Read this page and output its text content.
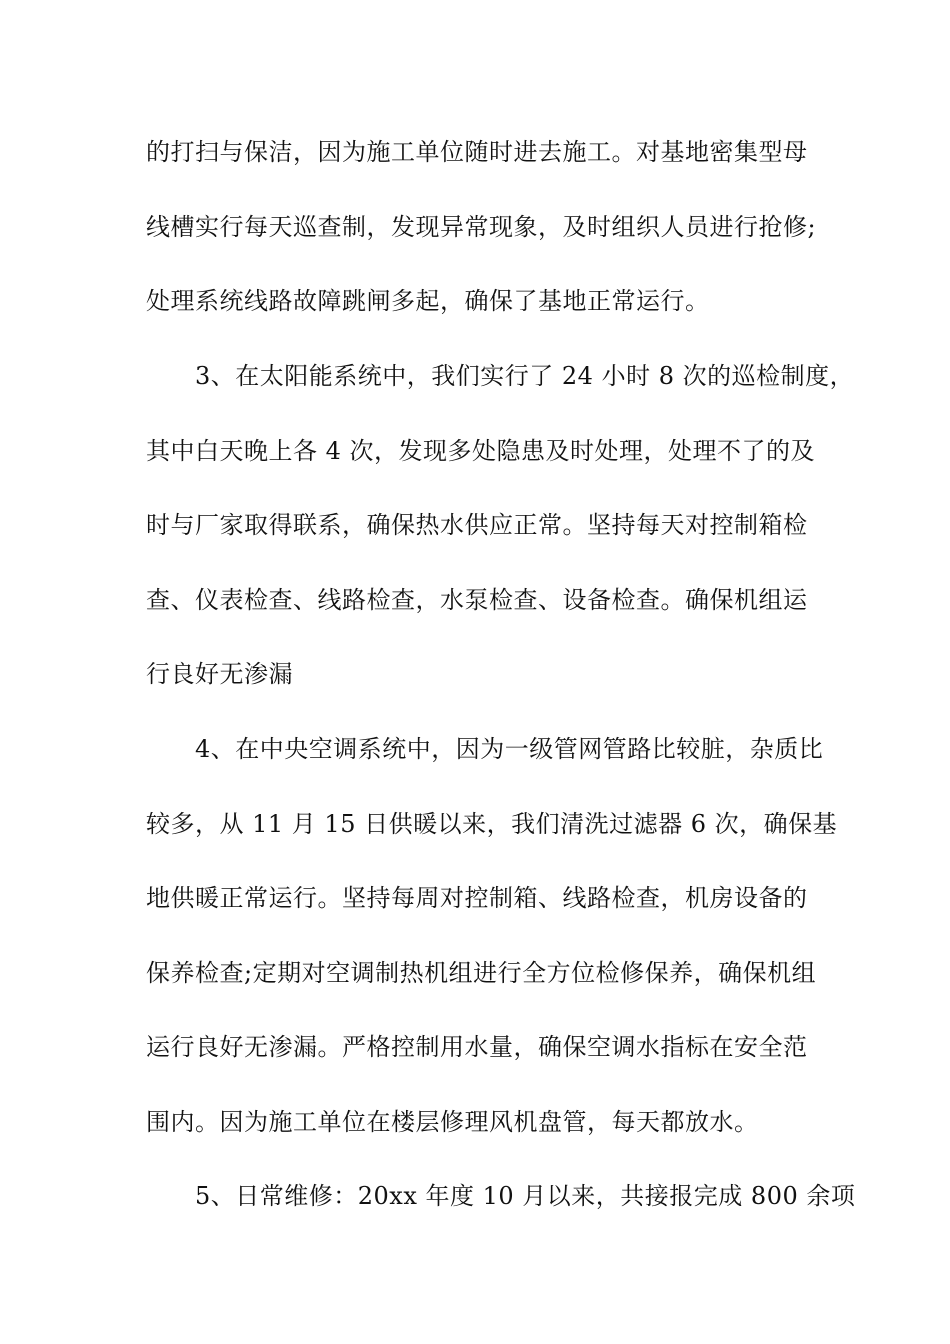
的打扫与保洁，因为施工单位随时进去施工。对基地密集型母
线槽实行每天巡查制，发现异常现象，及时组织人员进行抢修;
处理系统线路故障跳闸多起，确保了基地正常运行。
　　3、在太阳能系统中，我们实行了 24 小时 8 次的巡检制度，
其中白天晚上各 4 次，发现多处隐患及时处理，处理不了的及
时与厂家取得联系，确保热水供应正常。坚持每天对控制箱检
查、仪表检查、线路检查，水泵检查、设备检查。确保机组运
行良好无渗漏
　　4、在中央空调系统中，因为一级管网管路比较脏，杂质比
较多，从 11 月 15 日供暖以来，我们清洗过滤器 6 次，确保基
地供暖正常运行。坚持每周对控制箱、线路检查，机房设备的
保养检查;定期对空调制热机组进行全方位检修保养，确保机组
运行良好无渗漏。严格控制用水量，确保空调水指标在安全范
围内。因为施工单位在楼层修理风机盘管，每天都放水。
　　5、日常维修：20xx 年度 10 月以来，共接报完成 800 余项
